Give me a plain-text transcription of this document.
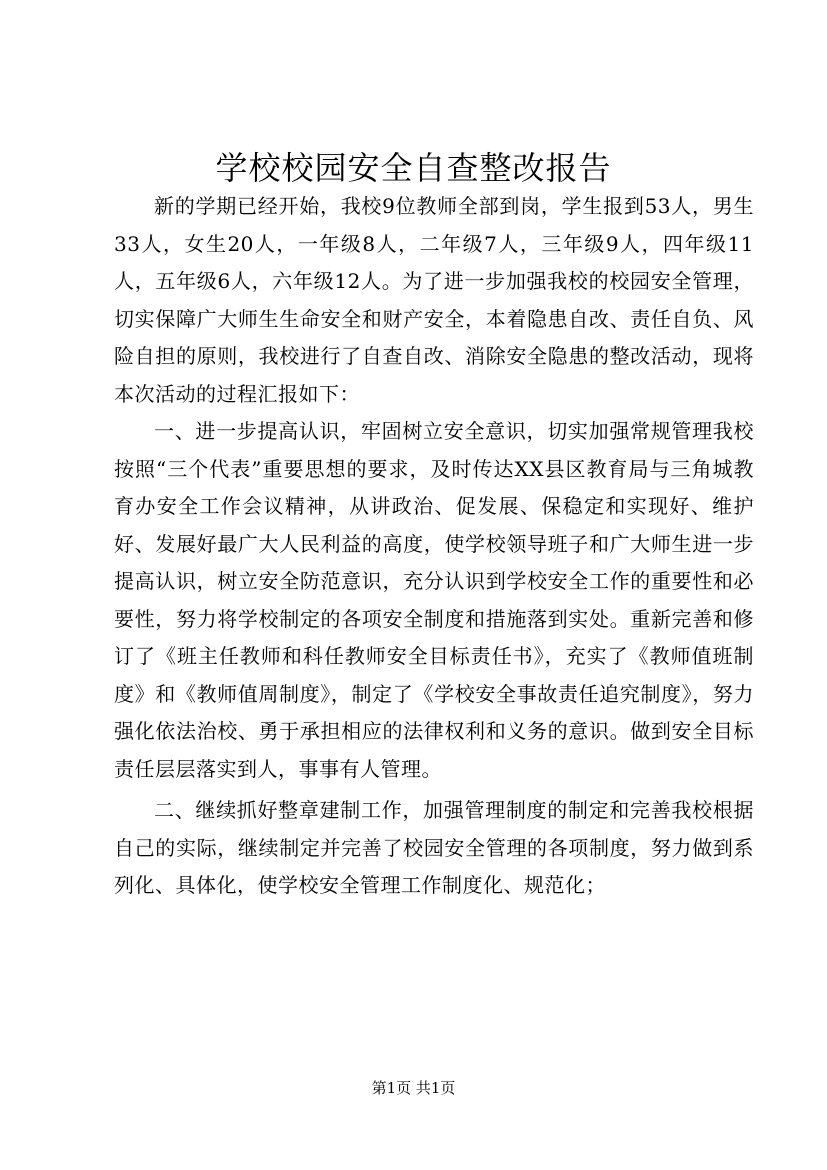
学校校园安全自查整改报告

新的学期已经开始，我校9位教师全部到岗，学生报到53人，男生33人，女生20人，一年级8人，二年级7人，三年级9人，四年级11人，五年级6人，六年级12人。为了进一步加强我校的校园安全管理，切实保障广大师生生命安全和财产安全，本着隐患自改、责任自负、风险自担的原则，我校进行了自查自改、消除安全隐患的整改活动，现将本次活动的过程汇报如下：

一、进一步提高认识，牢固树立安全意识，切实加强常规管理我校按照“三个代表”重要思想的要求，及时传达XX县区教育局与三角城教育办安全工作会议精神，从讲政治、促发展、保稳定和实现好、维护好、发展好最广大人民利益的高度，使学校领导班子和广大师生进一步提高认识，树立安全防范意识，充分认识到学校安全工作的重要性和必要性，努力将学校制定的各项安全制度和措施落到实处。重新完善和修订了《班主任教师和科任教师安全目标责任书》，充实了《教师值班制度》和《教师值周制度》，制定了《学校安全事故责任追究制度》，努力强化依法治校、勇于承担相应的法律权利和义务的意识。做到安全目标责任层层落实到人，事事有人管理。

二、继续抓好整章建制工作，加强管理制度的制定和完善我校根据自己的实际，继续制定并完善了校园安全管理的各项制度，努力做到系列化、具体化，使学校安全管理工作制度化、规范化；

第1页 共1页
